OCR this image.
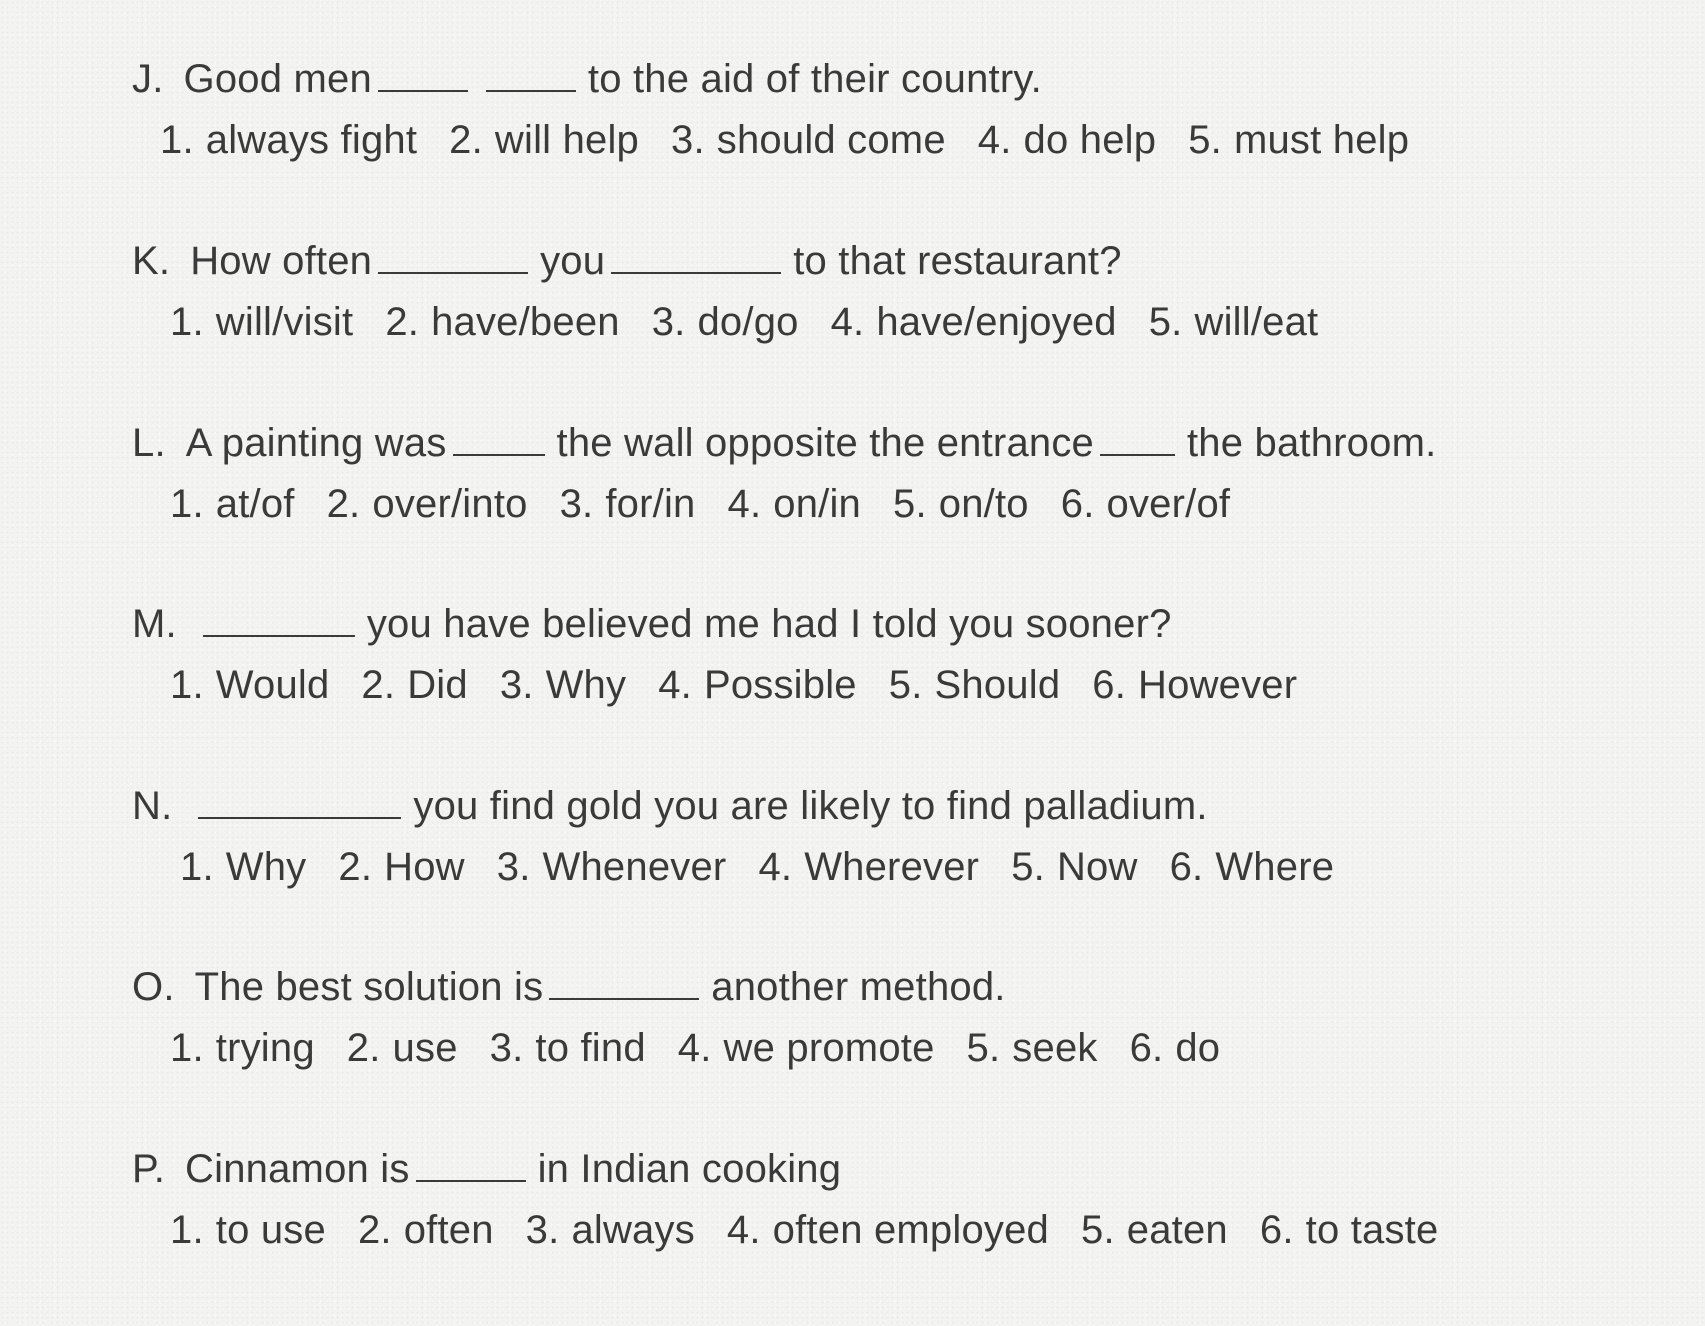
J. Good men	to the aid of their country.
1. always fight 2. will help 3. should come 4. do help 5. must help
K. How often	you	to that restaurant?
1. will/visit 2. have/been 3. do/go 4. have/enjoyed 5. will/eat
L. A painting was	the wall opposite the entrance the bathroom.
1. at/of 2. over/into 3. for/in 4. on/in 5. on/to 6. over/of
M.	you have believed me had I told you sooner?
1. Would 2. Did 3. Why 4. Possible 5. Should 6. However
N.	you find gold you are likely to find palladium.
1. Why 2. How 3. Whenever 4. Wherever 5. Now 6. Where
O. The best solution is	another method.
1. trying 2. use 3. to find 4. we promote 5. seek 6. do
P. Cinnamon is	in Indian cooking
1. to use 2. often 3. always 4. often employed 5. eaten 6. to taste
